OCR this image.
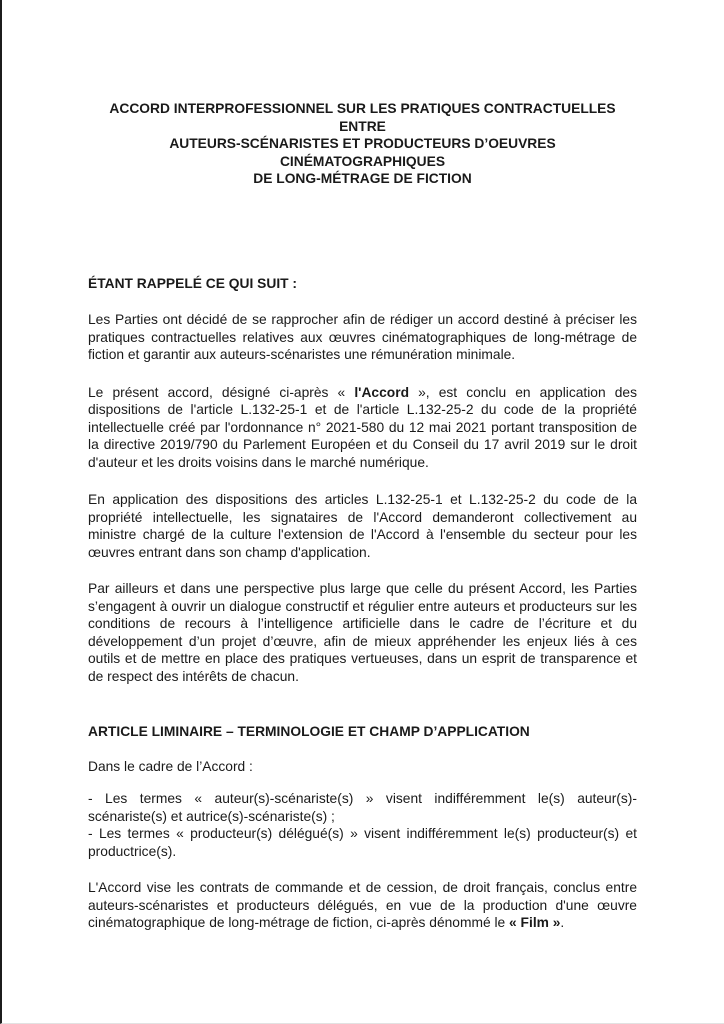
ACCORD INTERPROFESSIONNEL SUR LES PRATIQUES CONTRACTUELLES ENTRE
AUTEURS-SCÉNARISTES ET PRODUCTEURS D’OEUVRES CINÉMATOGRAPHIQUES
DE LONG-MÉTRAGE DE FICTION
ÉTANT RAPPELÉ CE QUI SUIT :

Les Parties ont décidé de se rapprocher afin de rédiger un accord destiné à préciser les pratiques contractuelles relatives aux œuvres cinématographiques de long-métrage de fiction et garantir aux auteurs-scénaristes une rémunération minimale.

Le présent accord, désigné ci-après « l'Accord », est conclu en application des dispositions de l'article L.132-25-1 et de l'article L.132-25-2 du code de la propriété intellectuelle créé par l'ordonnance n° 2021-580 du 12 mai 2021 portant transposition de la directive 2019/790 du Parlement Européen et du Conseil du 17 avril 2019 sur le droit d'auteur et les droits voisins dans le marché numérique.

En application des dispositions des articles L.132-25-1 et L.132-25-2 du code de la propriété intellectuelle, les signataires de l'Accord demanderont collectivement au ministre chargé de la culture l'extension de l'Accord à l'ensemble du secteur pour les œuvres entrant dans son champ d'application.

Par ailleurs et dans une perspective plus large que celle du présent Accord, les Parties s’engagent à ouvrir un dialogue constructif et régulier entre auteurs et producteurs sur les conditions de recours à l’intelligence artificielle dans le cadre de l’écriture et du développement d’un projet d’œuvre, afin de mieux appréhender les enjeux liés à ces outils et de mettre en place des pratiques vertueuses, dans un esprit de transparence et de respect des intérêts de chacun.

ARTICLE LIMINAIRE – TERMINOLOGIE ET CHAMP D’APPLICATION

Dans le cadre de l’Accord :

- Les termes « auteur(s)-scénariste(s) » visent indifféremment le(s) auteur(s)-scénariste(s) et autrice(s)-scénariste(s) ;

- Les termes « producteur(s) délégué(s) » visent indifféremment le(s) producteur(s) et productrice(s).

L'Accord vise les contrats de commande et de cession, de droit français, conclus entre auteurs-scénaristes et producteurs délégués, en vue de la production d'une œuvre cinématographique de long-métrage de fiction, ci-après dénommé le « Film ».
